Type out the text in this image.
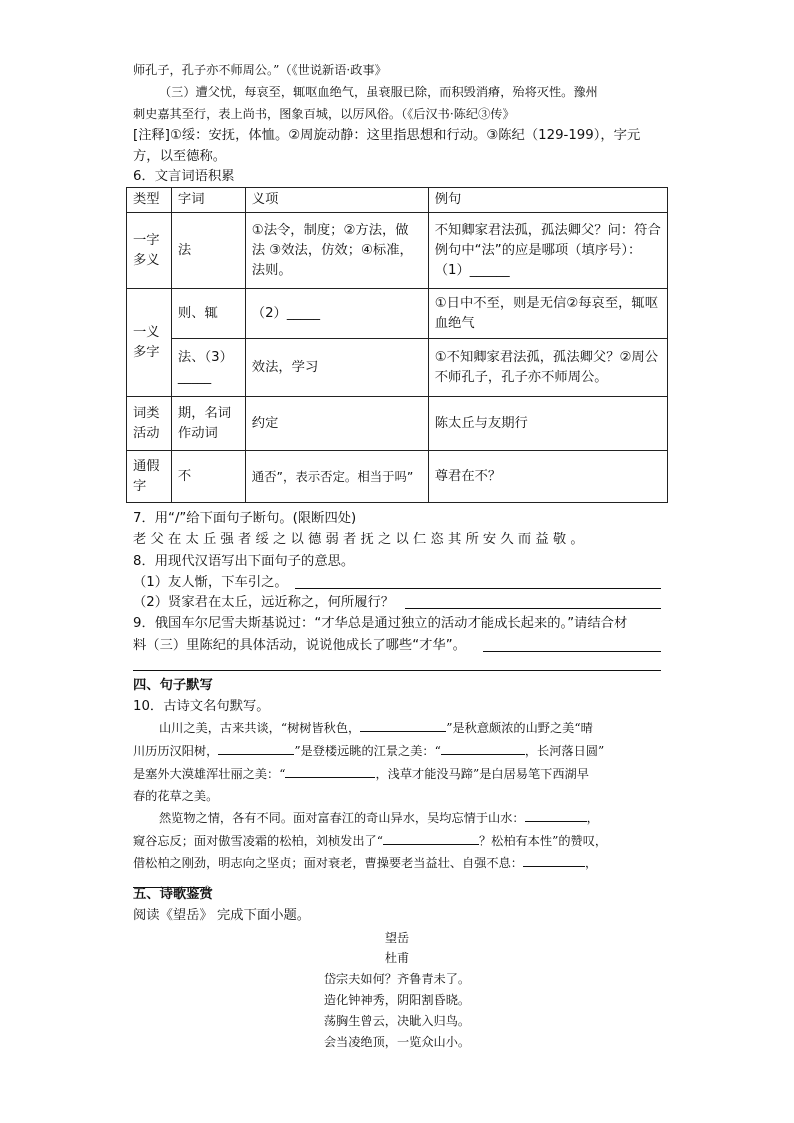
师孔子，孔子亦不师周公。”（《世说新语·政事》
（三）遭父忧，每哀至，辄呕血绝气，虽衰服已除，而积毁消瘠，殆将灭性。豫州
刺史嘉其至行，表上尚书，图象百城，以厉风俗。（《后汉书·陈纪③传》
[注释]①绥：安抚，体恤。②周旋动静：这里指思想和行动。③陈纪（129-199），字元
方，以至德称。
6．文言词语积累
类型	字词	义项	例句
一字多义	法	①法令，制度；②方法，做法 ③效法，仿效；④标准，法则。	不知卿家君法孤，孤法卿父？问：符合例句中“法”的应是哪项（填序号）：（1）______
一义多字	则、辄	（2）_____	①日中不至，则是无信②每哀至，辄呕血绝气
	法、（3）_____	效法，学习	①不知卿家君法孤，孤法卿父？②周公不师孔子，孔子亦不师周公。
词类活动	期，名词作动词	约定	陈太丘与友期行
通假字	不	通否”，表示否定。相当于吗”	尊君在不？
7．用“/”给下面句子断句。(限断四处)
老父在太丘强者绥之以德弱者抚之以仁恣其所安久而益敬。
8．用现代汉语写出下面句子的意思。
（1）友人惭，下车引之。
（2）贤家君在太丘，远近称之，何所履行？
9．俄国车尔尼雪夫斯基说过：“才华总是通过独立的活动才能成长起来的。”请结合材
料（三）里陈纪的具体活动，说说他成长了哪些“才华”。
四、句子默写
10．古诗文名句默写。
山川之美，古来共谈，“树树皆秋色，	”是秋意颇浓的山野之美“晴
川历历汉阳树，	”是登楼远眺的江景之美：“	，长河落日圆”
是塞外大漠雄浑壮丽之美：“	，浅草才能没马蹄”是白居易笔下西湖早
春的花草之美。
然览物之情，各有不同。面对富春江的奇山异水，吴均忘情于山水：	，
窥谷忘反；面对傲雪凌霜的松柏，刘桢发出了“	？松柏有本性”的赞叹，
借松柏之刚劲，明志向之坚贞；面对衰老，曹操要老当益壮、自强不息：	，
。
五、诗歌鉴赏
阅读《望岳》 完成下面小题。
望岳
杜甫
岱宗夫如何？齐鲁青未了。
造化钟神秀，阴阳割昏晓。
荡胸生曾云，决眦入归鸟。
会当凌绝顶，一览众山小。
